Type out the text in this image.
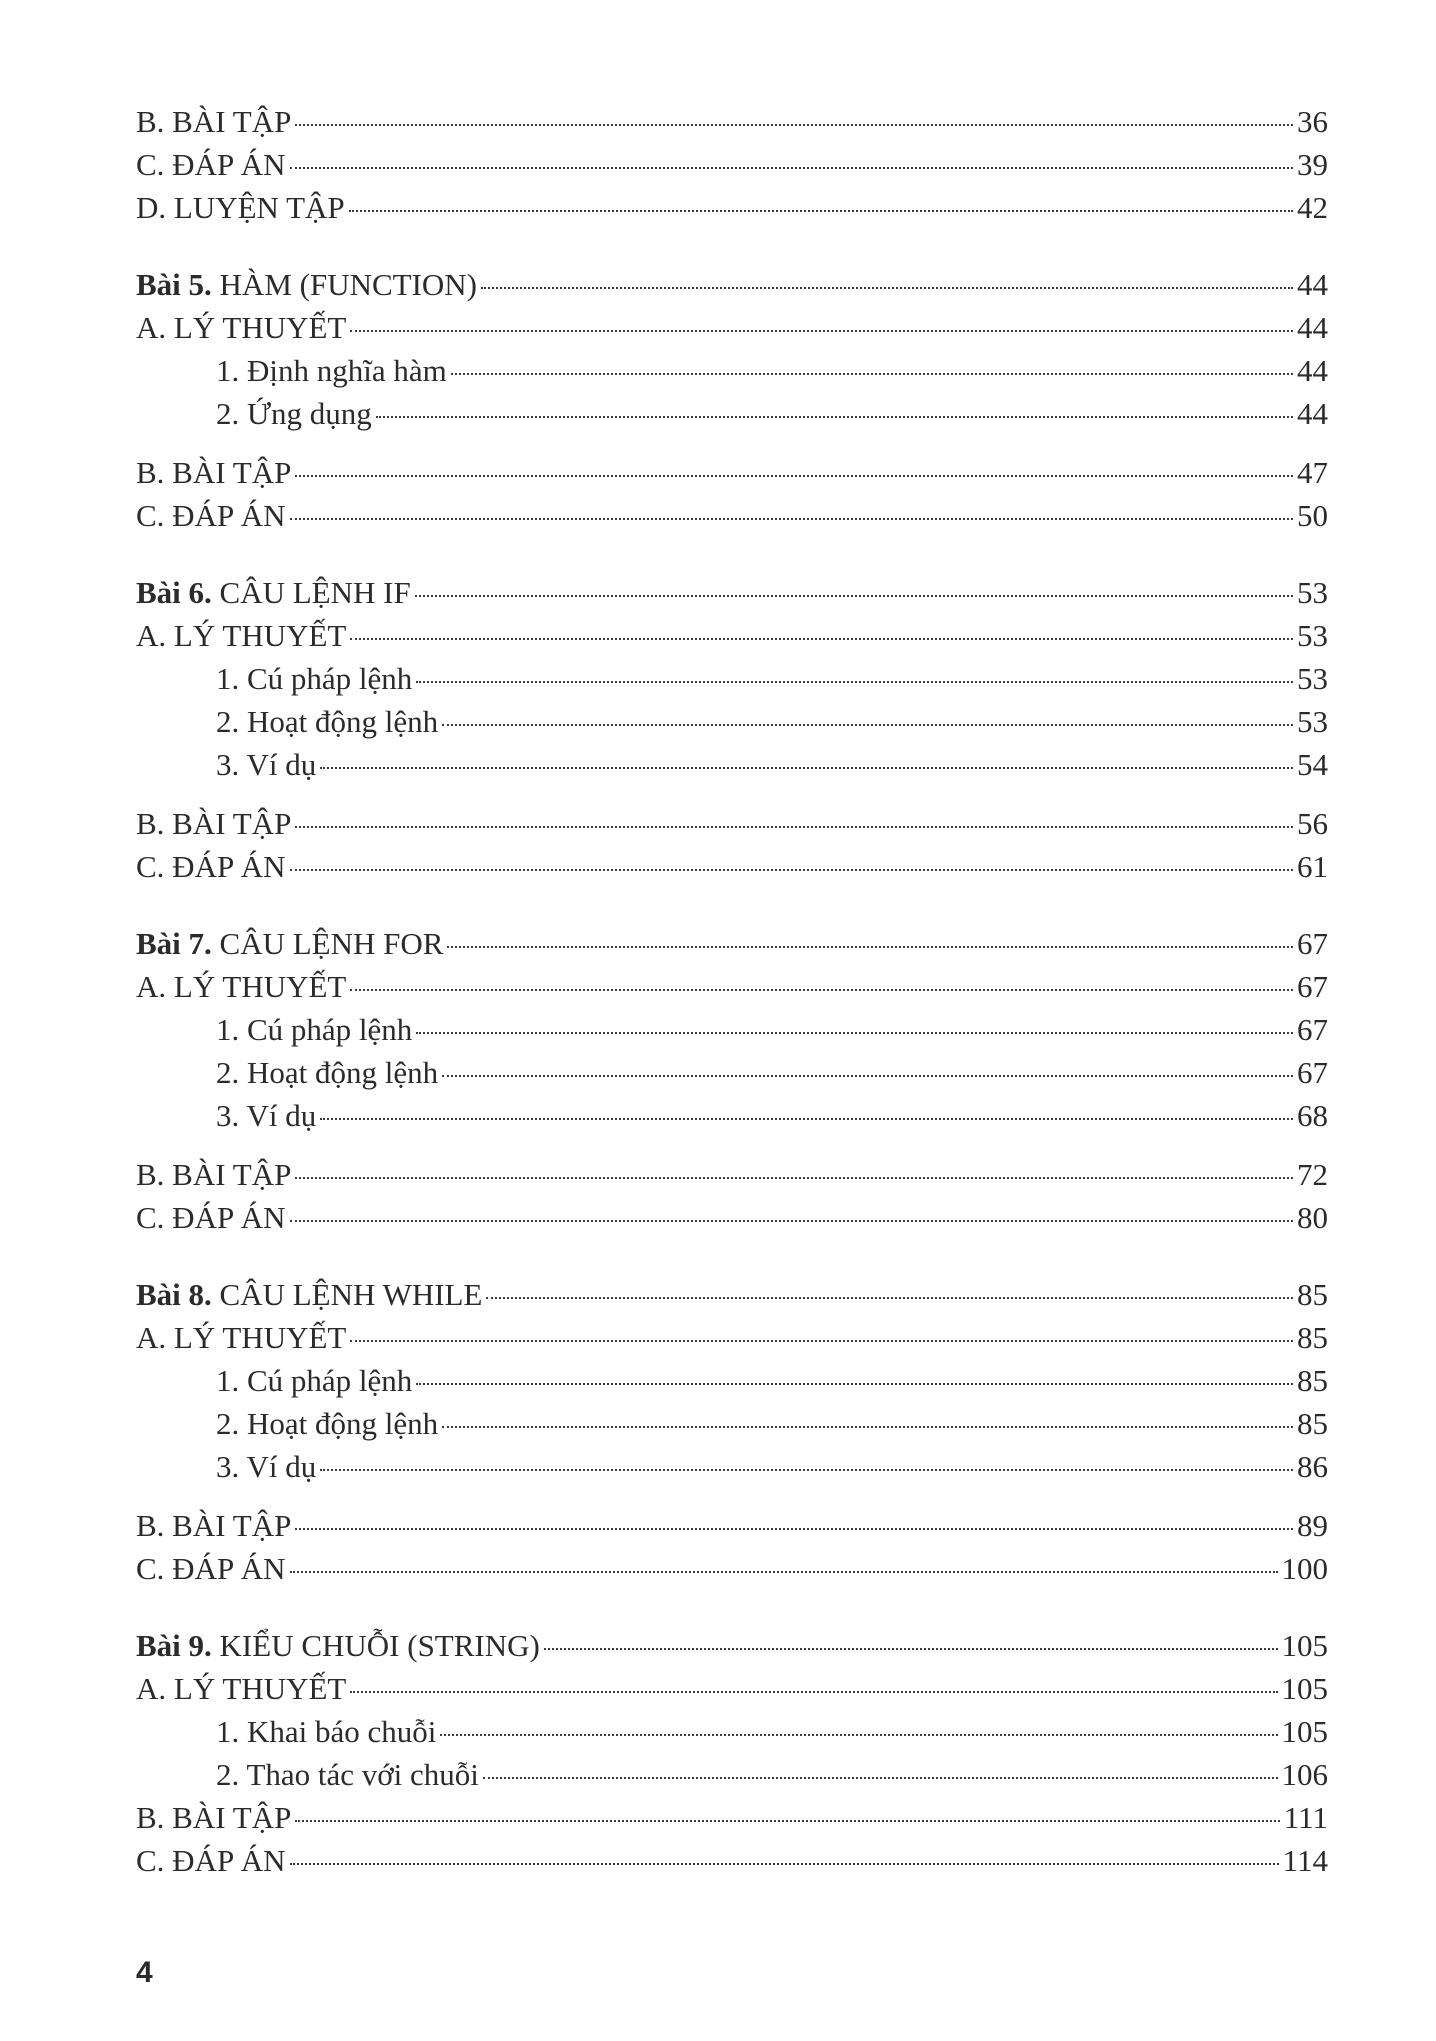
B. BÀI TẬP	36
C. ĐÁP ÁN	39
D. LUYỆN TẬP	42
Bài 5. HÀM (FUNCTION)	44
A. LÝ THUYẾT	44
1. Định nghĩa hàm	44
2. Ứng dụng	44
B. BÀI TẬP	47
C. ĐÁP ÁN	50
Bài 6. CÂU LỆNH IF	53
A. LÝ THUYẾT	53
1. Cú pháp lệnh	53
2. Hoạt động lệnh	53
3. Ví dụ	54
B. BÀI TẬP	56
C. ĐÁP ÁN	61
Bài 7. CÂU LỆNH FOR	67
A. LÝ THUYẾT	67
1. Cú pháp lệnh	67
2. Hoạt động lệnh	67
3. Ví dụ	68
B. BÀI TẬP	72
C. ĐÁP ÁN	80
Bài 8. CÂU LỆNH WHILE	85
A. LÝ THUYẾT	85
1. Cú pháp lệnh	85
2. Hoạt động lệnh	85
3. Ví dụ	86
B. BÀI TẬP	89
C. ĐÁP ÁN	100
Bài 9. KIỂU CHUỖI (STRING)	105
A. LÝ THUYẾT	105
1. Khai báo chuỗi	105
2. Thao tác với chuỗi	106
B. BÀI TẬP	111
C. ĐÁP ÁN	114
4
